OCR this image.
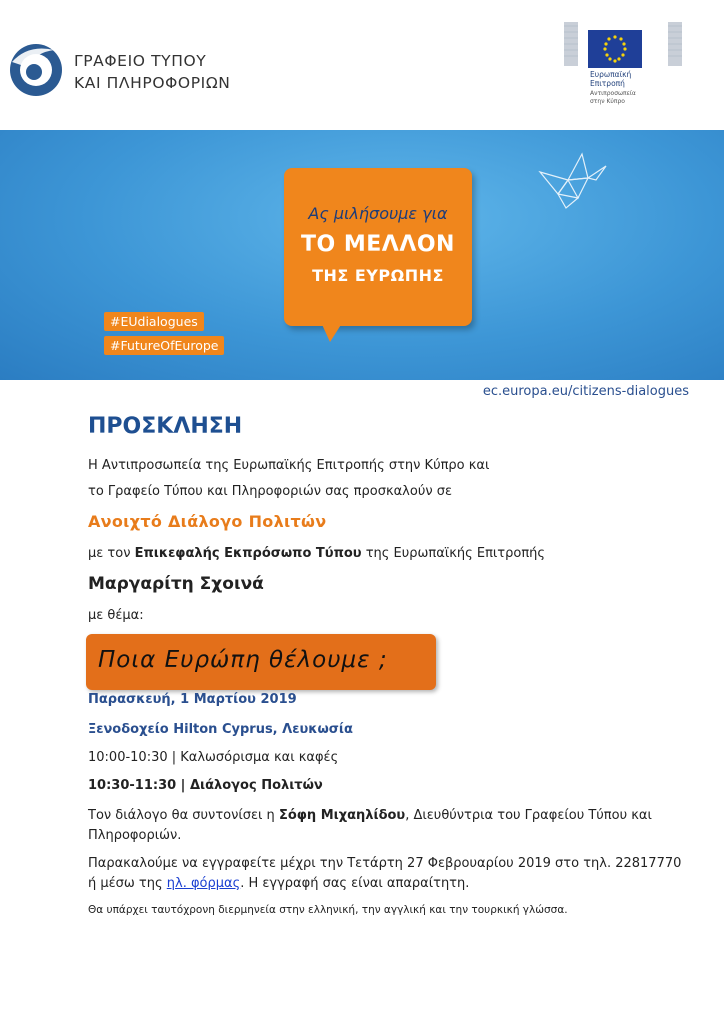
ΓΡΑΦΕΙΟ ΤΥΠΟΥ
ΚΑΙ ΠΛΗΡΟΦΟΡΙΩΝ	Ευρωπαϊκή
Επιτροπή
Αντιπροσωπεία
στην Κύπρο
Ας μιλήσουμε για
ΤΟ ΜΕΛΛΟΝ
ΤΗΣ ΕΥΡΩΠΗΣ
#EUdialogues
#FutureOfEurope
ec.europa.eu/citizens-dialogues
ΠΡΟΣΚΛΗΣΗ
Η Αντιπροσωπεία της Ευρωπαϊκής Επιτροπής στην Κύπρο και
το Γραφείο Τύπου και Πληροφοριών σας προσκαλούν σε
Ανοιχτό Διάλογο Πολιτών
με τον Επικεφαλής Εκπρόσωπο Τύπου της Ευρωπαϊκής Επιτροπής
Μαργαρίτη Σχοινά
με θέμα:
Ποια Ευρώπη θέλουμε ;
Παρασκευή, 1 Μαρτίου 2019
Ξενοδοχείο Hilton Cyprus, Λευκωσία
10:00-10:30 | Καλωσόρισμα και καφές
10:30-11:30 | Διάλογος Πολιτών
Τον διάλογο θα συντονίσει η Σόφη Μιχαηλίδου, Διευθύντρια του Γραφείου Τύπου και Πληροφοριών.
Παρακαλούμε να εγγραφείτε μέχρι την Τετάρτη 27 Φεβρουαρίου 2019 στο τηλ. 22817770 ή μέσω της ηλ. φόρμας. Η εγγραφή σας είναι απαραίτητη.
Θα υπάρχει ταυτόχρονη διερμηνεία στην ελληνική, την αγγλική και την τουρκική γλώσσα.
